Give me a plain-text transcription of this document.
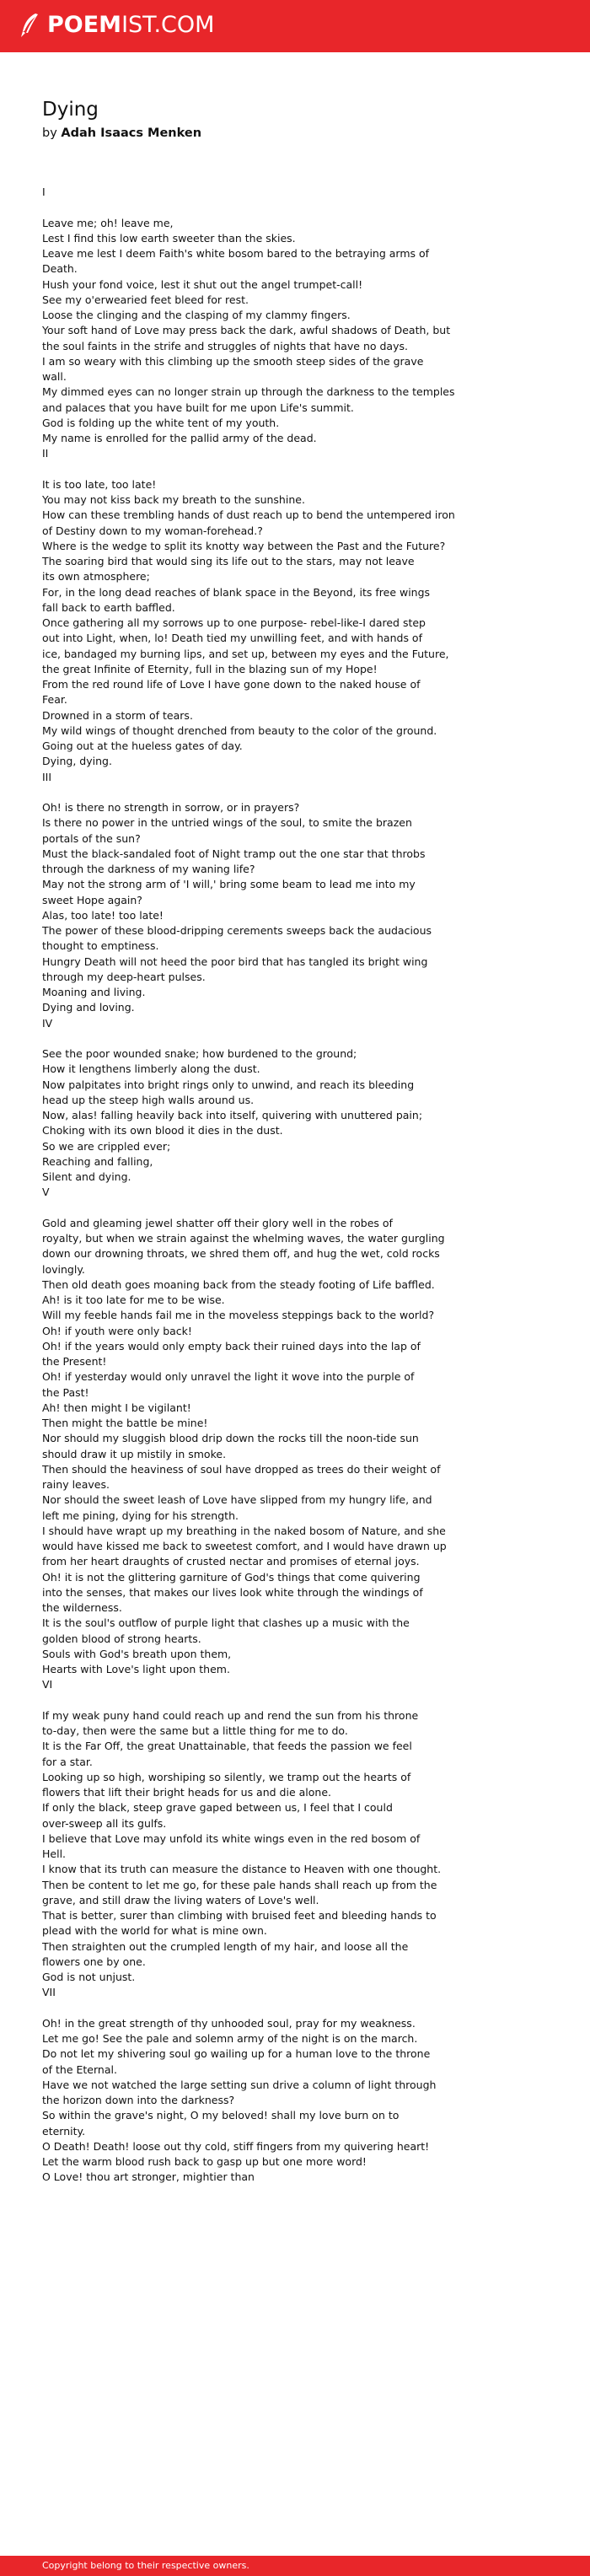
POEMIST.COM
Dying
by Adah Isaacs Menken
I
Leave me; oh! leave me,
Lest I find this low earth sweeter than the skies.
Leave me lest I deem Faith's white bosom bared to the betraying arms of
Death.
Hush your fond voice, lest it shut out the angel trumpet-call!
See my o'erwearied feet bleed for rest.
Loose the clinging and the clasping of my clammy fingers.
Your soft hand of Love may press back the dark, awful shadows of Death, but
the soul faints in the strife and struggles of nights that have no days.
I am so weary with this climbing up the smooth steep sides of the grave
wall.
My dimmed eyes can no longer strain up through the darkness to the temples
and palaces that you have built for me upon Life's summit.
God is folding up the white tent of my youth.
My name is enrolled for the pallid army of the dead.
II
It is too late, too late!
You may not kiss back my breath to the sunshine.
How can these trembling hands of dust reach up to bend the untempered iron
of Destiny down to my woman-forehead.?
Where is the wedge to split its knotty way between the Past and the Future?
The soaring bird that would sing its life out to the stars, may not leave
its own atmosphere;
For, in the long dead reaches of blank space in the Beyond, its free wings
fall back to earth baffled.
Once gathering all my sorrows up to one purpose- rebel-like-I dared step
out into Light, when, lo! Death tied my unwilling feet, and with hands of
ice, bandaged my burning lips, and set up, between my eyes and the Future,
the great Infinite of Eternity, full in the blazing sun of my Hope!
From the red round life of Love I have gone down to the naked house of
Fear.
Drowned in a storm of tears.
My wild wings of thought drenched from beauty to the color of the ground.
Going out at the hueless gates of day.
Dying, dying.
III
Oh! is there no strength in sorrow, or in prayers?
Is there no power in the untried wings of the soul, to smite the brazen
portals of the sun?
Must the black-sandaled foot of Night tramp out the one star that throbs
through the darkness of my waning life?
May not the strong arm of 'I will,' bring some beam to lead me into my
sweet Hope again?
Alas, too late! too late!
The power of these blood-dripping cerements sweeps back the audacious
thought to emptiness.
Hungry Death will not heed the poor bird that has tangled its bright wing
through my deep-heart pulses.
Moaning and living.
Dying and loving.
IV
See the poor wounded snake; how burdened to the ground;
How it lengthens limberly along the dust.
Now palpitates into bright rings only to unwind, and reach its bleeding
head up the steep high walls around us.
Now, alas! falling heavily back into itself, quivering with unuttered pain;
Choking with its own blood it dies in the dust.
So we are crippled ever;
Reaching and falling,
Silent and dying.
V
Gold and gleaming jewel shatter off their glory well in the robes of
royalty, but when we strain against the whelming waves, the water gurgling
down our drowning throats, we shred them off, and hug the wet, cold rocks
lovingly.
Then old death goes moaning back from the steady footing of Life baffled.
Ah! is it too late for me to be wise.
Will my feeble hands fail me in the moveless steppings back to the world?
Oh! if youth were only back!
Oh! if the years would only empty back their ruined days into the lap of
the Present!
Oh! if yesterday would only unravel the light it wove into the purple of
the Past!
Ah! then might I be vigilant!
Then might the battle be mine!
Nor should my sluggish blood drip down the rocks till the noon-tide sun
should draw it up mistily in smoke.
Then should the heaviness of soul have dropped as trees do their weight of
rainy leaves.
Nor should the sweet leash of Love have slipped from my hungry life, and
left me pining, dying for his strength.
I should have wrapt up my breathing in the naked bosom of Nature, and she
would have kissed me back to sweetest comfort, and I would have drawn up
from her heart draughts of crusted nectar and promises of eternal joys.
Oh! it is not the glittering garniture of God's things that come quivering
into the senses, that makes our lives look white through the windings of
the wilderness.
It is the soul's outflow of purple light that clashes up a music with the
golden blood of strong hearts.
Souls with God's breath upon them,
Hearts with Love's light upon them.
VI
If my weak puny hand could reach up and rend the sun from his throne
to-day, then were the same but a little thing for me to do.
It is the Far Off, the great Unattainable, that feeds the passion we feel
for a star.
Looking up so high, worshiping so silently, we tramp out the hearts of
flowers that lift their bright heads for us and die alone.
If only the black, steep grave gaped between us, I feel that I could
over-sweep all its gulfs.
I believe that Love may unfold its white wings even in the red bosom of
Hell.
I know that its truth can measure the distance to Heaven with one thought.
Then be content to let me go, for these pale hands shall reach up from the
grave, and still draw the living waters of Love's well.
That is better, surer than climbing with bruised feet and bleeding hands to
plead with the world for what is mine own.
Then straighten out the crumpled length of my hair, and loose all the
flowers one by one.
God is not unjust.
VII
Oh! in the great strength of thy unhooded soul, pray for my weakness.
Let me go! See the pale and solemn army of the night is on the march.
Do not let my shivering soul go wailing up for a human love to the throne
of the Eternal.
Have we not watched the large setting sun drive a column of light through
the horizon down into the darkness?
So within the grave's night, O my beloved! shall my love burn on to
eternity.
O Death! Death! loose out thy cold, stiff fingers from my quivering heart!
Let the warm blood rush back to gasp up but one more word!
O Love! thou art stronger, mightier than
Copyright belong to their respective owners.
